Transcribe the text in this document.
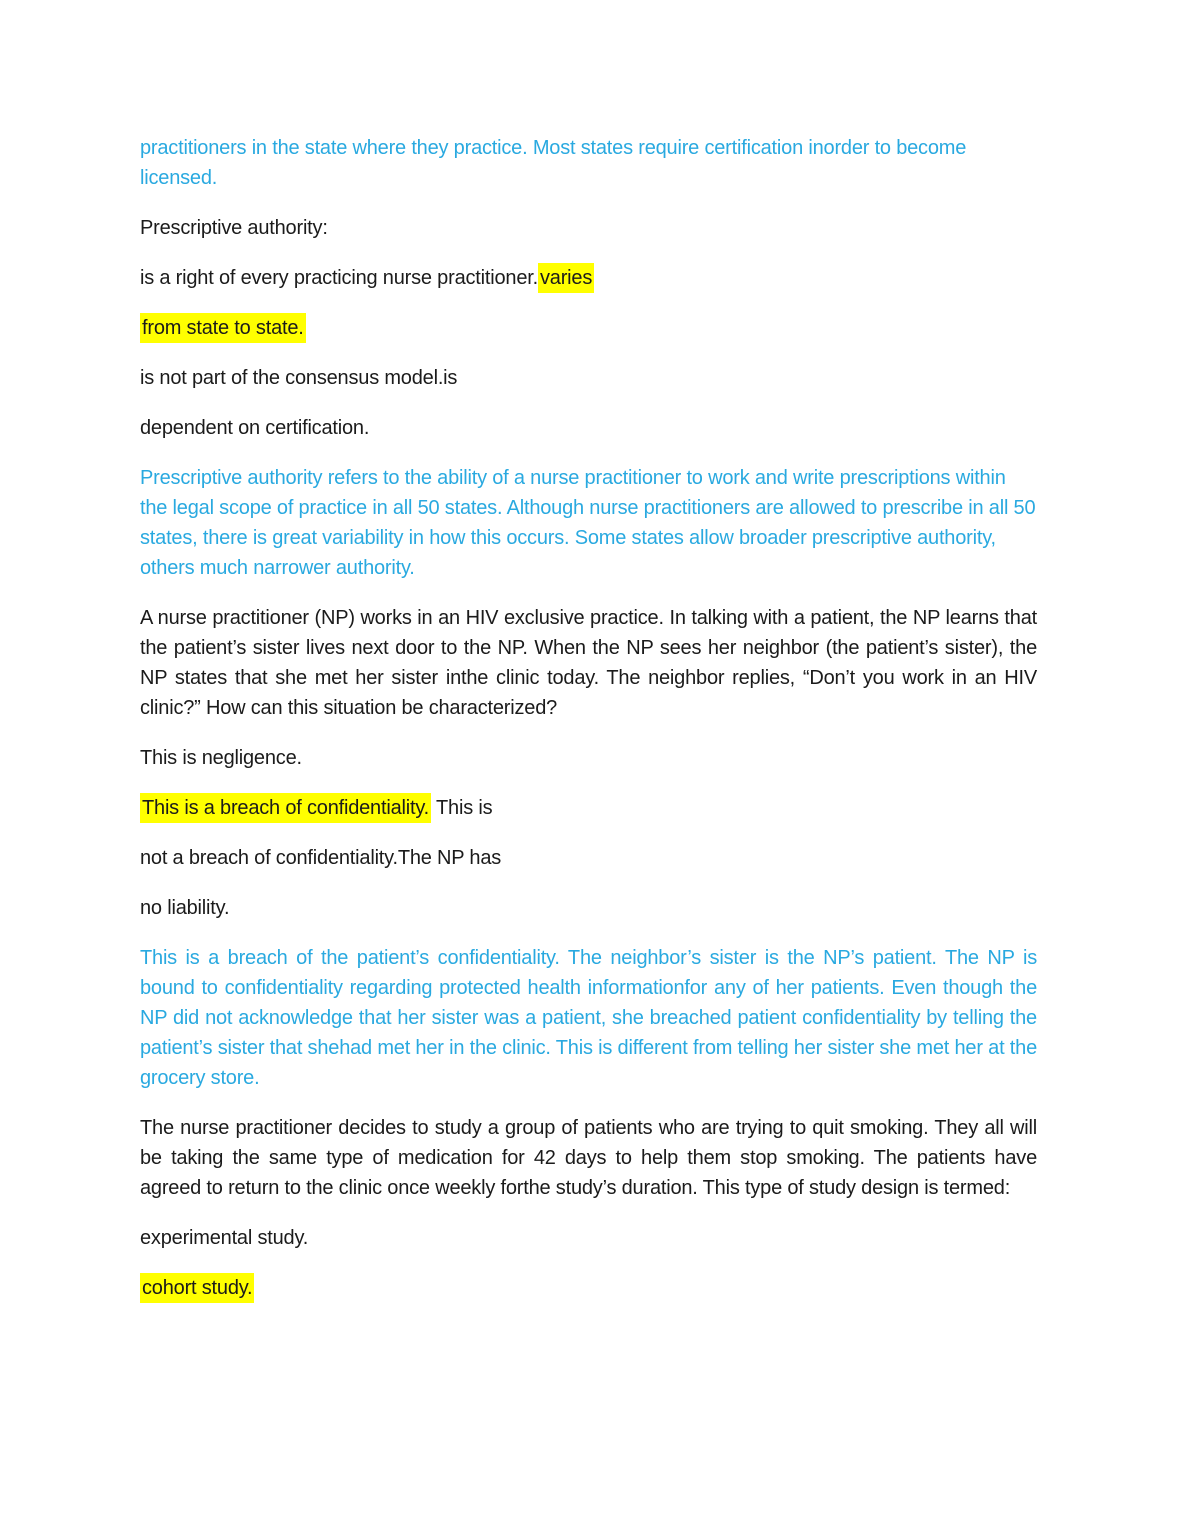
practitioners in the state where they practice. Most states require certification inorder to become licensed.

Prescriptive authority:

is a right of every practicing nurse practitioner. varies

from state to state.

is not part of the consensus model.is

dependent on certification.

Prescriptive authority refers to the ability of a nurse practitioner to work and write prescriptions within the legal scope of practice in all 50 states. Although nurse practitioners are allowed to prescribe in all 50 states, there is great variability in how this occurs. Some states allow broader prescriptive authority, others much narrower authority.

A nurse practitioner (NP) works in an HIV exclusive practice. In talking with a patient, the NP learns that the patient’s sister lives next door to the NP. When the NP sees her neighbor (the patient’s sister), the NP states that she met her sister inthe clinic today. The neighbor replies, “Don’t you work in an HIV clinic?” How can this situation be characterized?

This is negligence.

This is a breach of confidentiality. This is

not a breach of confidentiality.The NP has

no liability.

This is a breach of the patient’s confidentiality. The neighbor’s sister is the NP’s patient. The NP is bound to confidentiality regarding protected health informationfor any of her patients. Even though the NP did not acknowledge that her sister was a patient, she breached patient confidentiality by telling the patient’s sister that shehad met her in the clinic. This is different from telling her sister she met her at the grocery store.

The nurse practitioner decides to study a group of patients who are trying to quit smoking. They all will be taking the same type of medication for 42 days to help them stop smoking. The patients have agreed to return to the clinic once weekly forthe study’s duration. This type of study design is termed:

experimental study.

cohort study.
